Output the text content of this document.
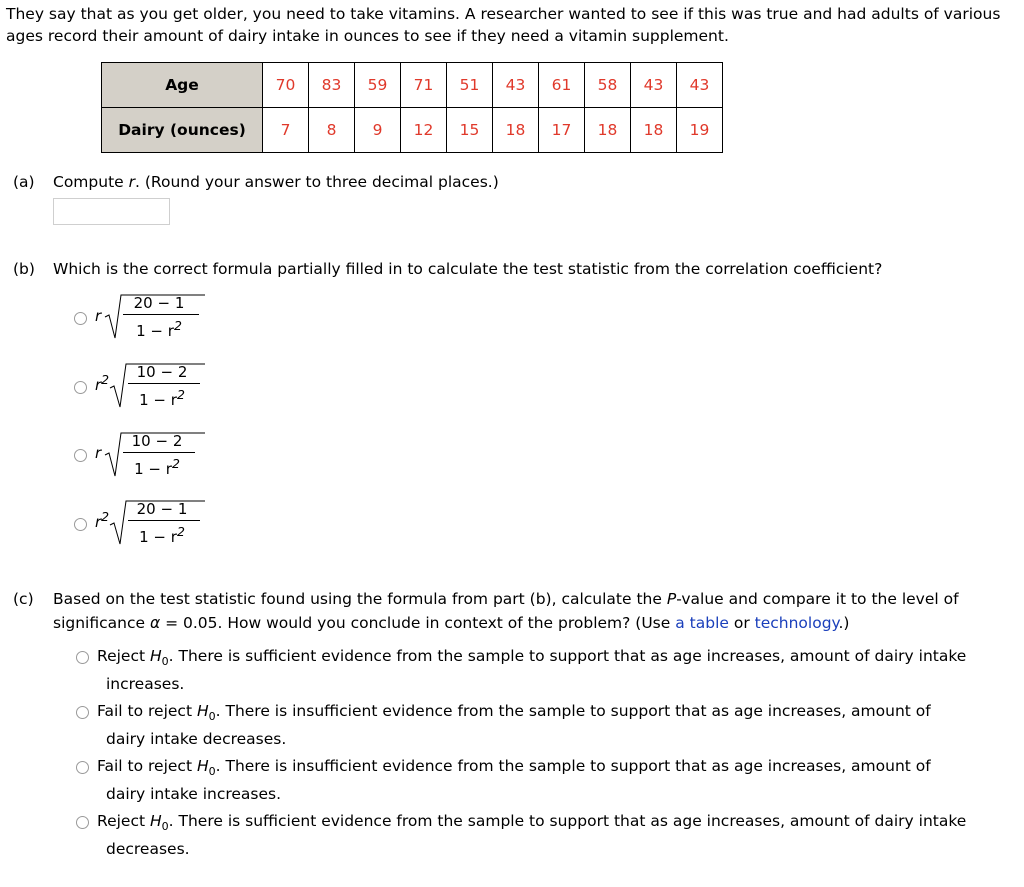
They say that as you get older, you need to take vitamins. A researcher wanted to see if this was true and had adults of various ages record their amount of dairy intake in ounces to see if they need a vitamin supplement.
Age	70	83	59	71	51	43	61	58	43	43
Dairy (ounces)	7	8	9	12	15	18	17	18	18	19
(a) Compute r. (Round your answer to three decimal places.)
(b) Which is the correct formula partially filled in to calculate the test statistic from the correlation coefficient?
r
20 − 1
$1 - r^2$
$r^2$	10 − 2
$1 - r^2$
r
10 − 2
$1 - r^2$
$r^2$	20 − 1
$1 - r^2$
(c) Based on the test statistic found using the formula from part (b), calculate the P-value and compare it to the level of
significance α = 0.05. How would you conclude in context of the problem? (Use a table or technology.)
Reject $H_0$. There is sufficient evidence from the sample to support that as age increases, amount of dairy intake
increases.
Fail to reject $H_0$. There is insufficient evidence from the sample to support that as age increases, amount of
dairy intake decreases.
Fail to reject $H_0$. There is insufficient evidence from the sample to support that as age increases, amount of
dairy intake increases.
Reject $H_0$. There is sufficient evidence from the sample to support that as age increases, amount of dairy intake
decreases.
